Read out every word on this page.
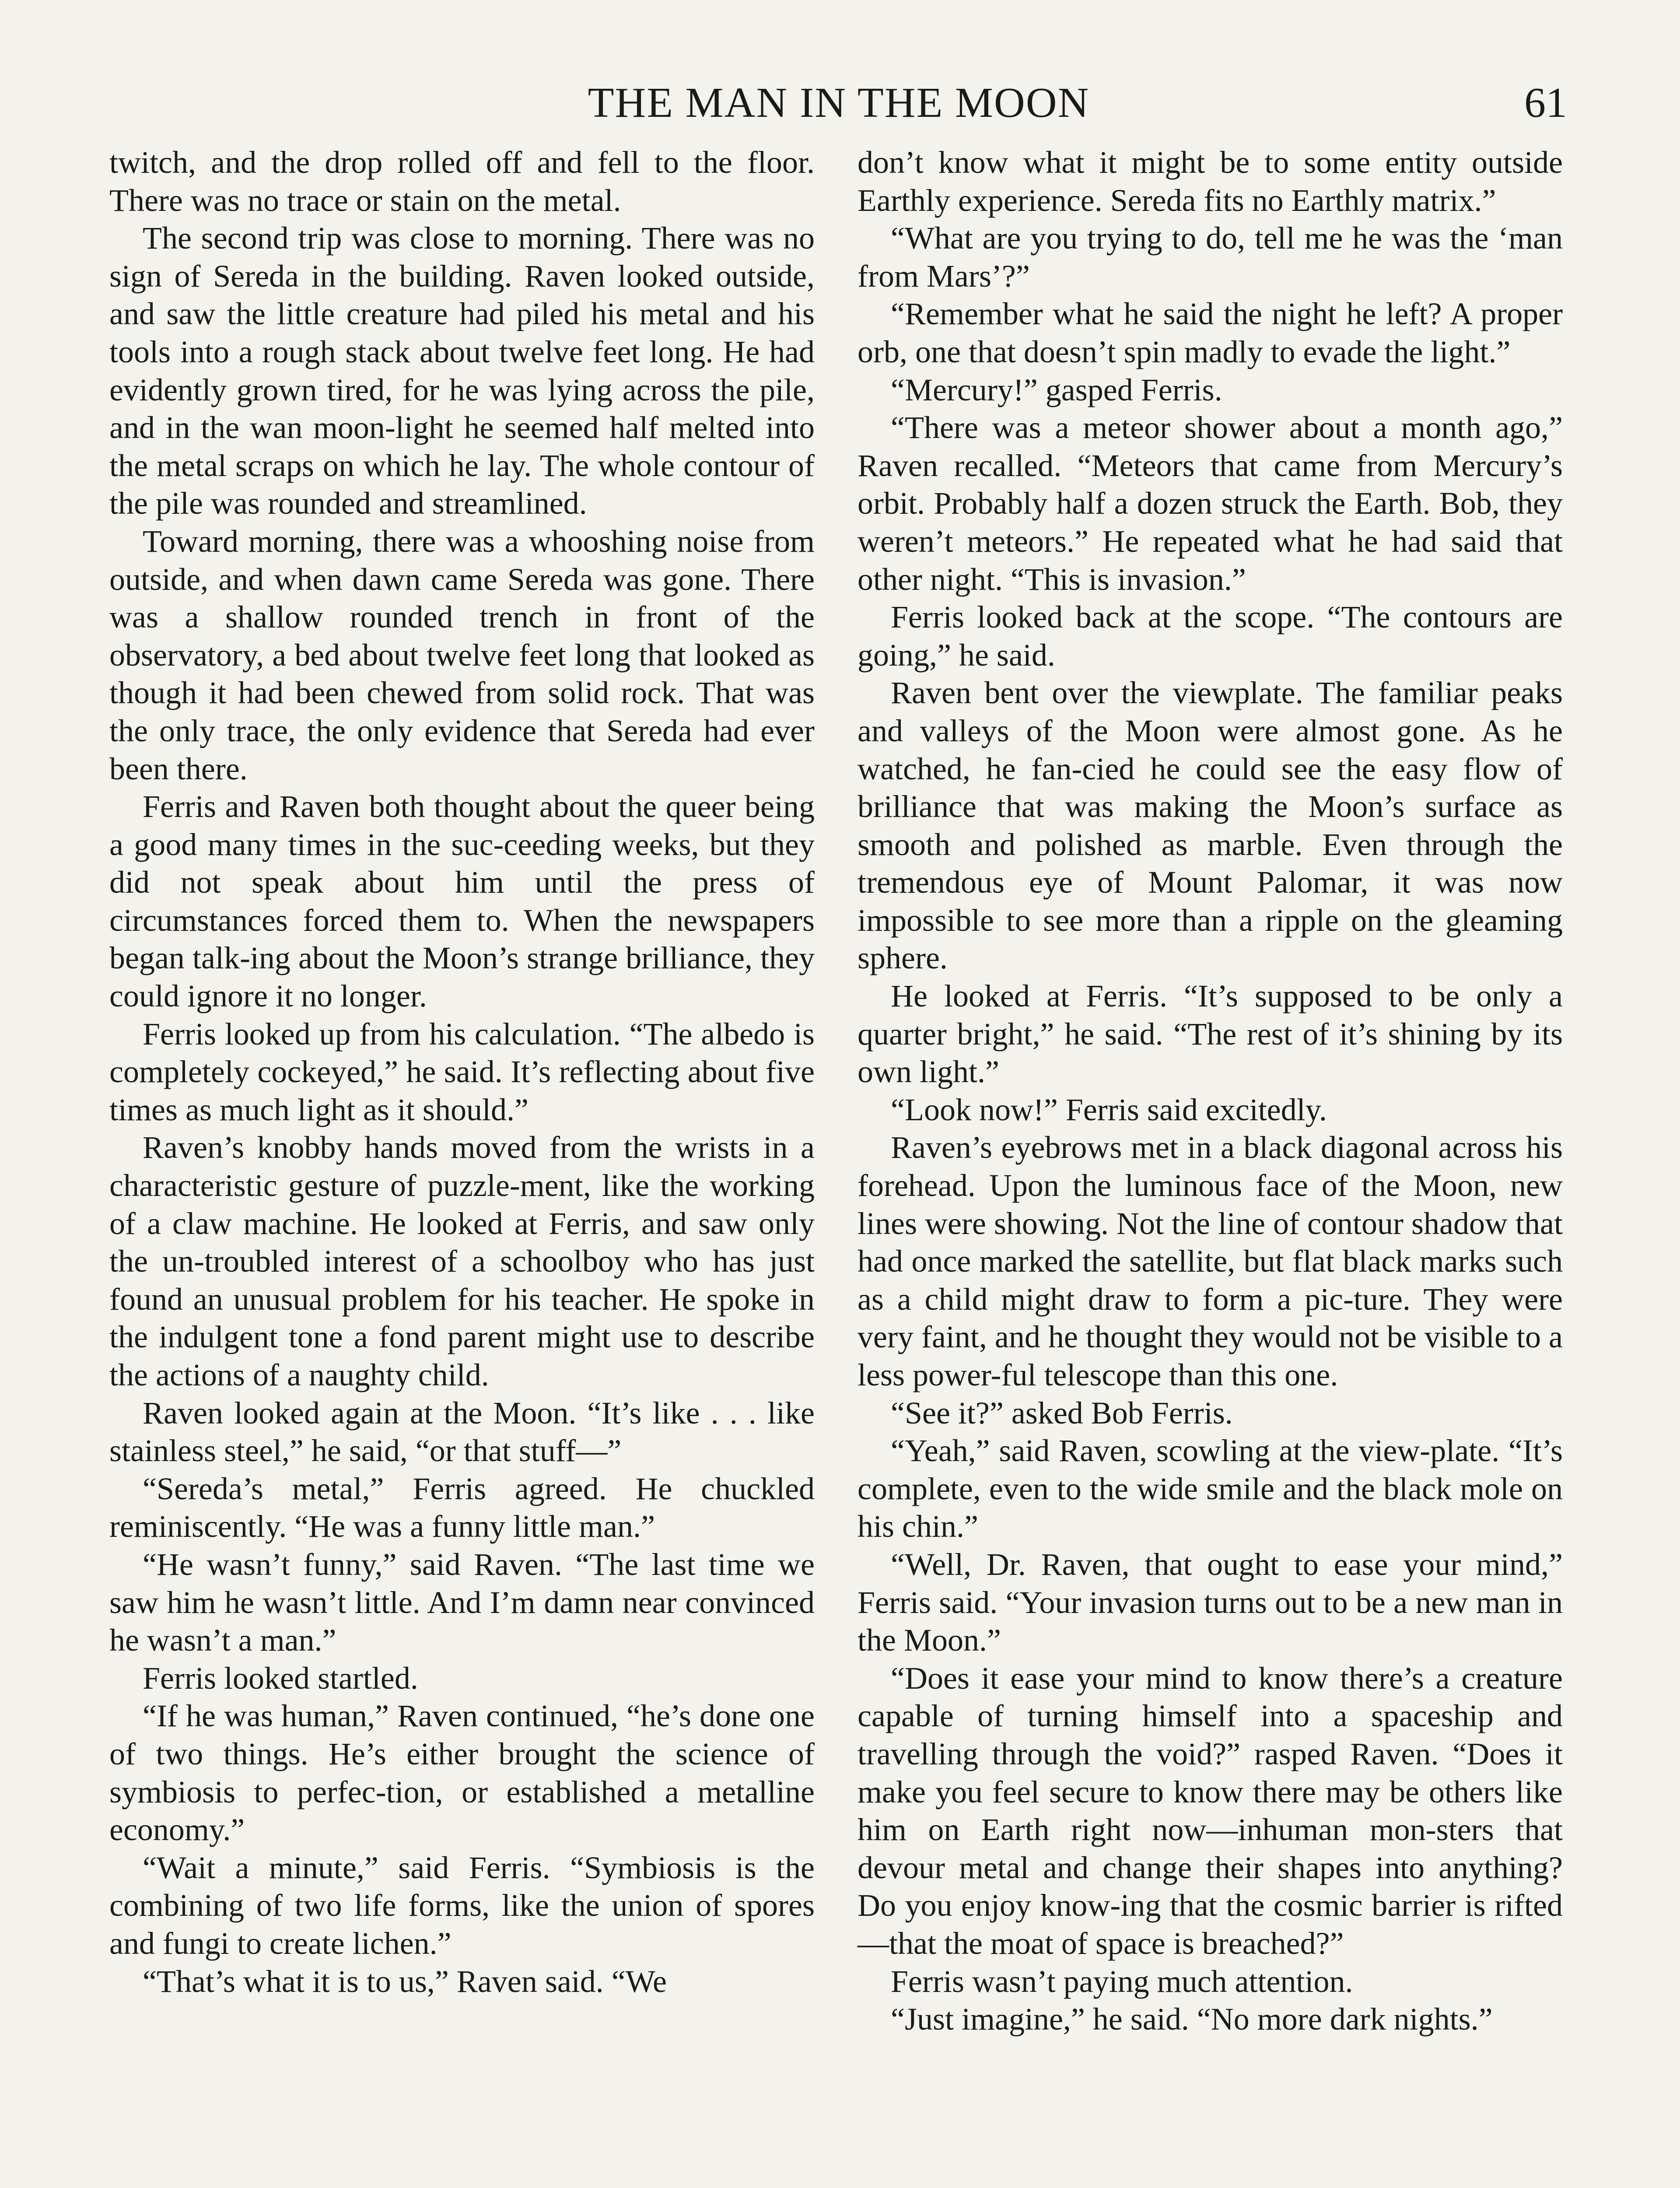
THE MAN IN THE MOON	61

twitch, and the drop rolled off and fell to the floor. There was no trace or stain on the metal.

The second trip was close to morning. There was no sign of Sereda in the building. Raven looked outside, and saw the little creature had piled his metal and his tools into a rough stack about twelve feet long. He had evidently grown tired, for he was lying across the pile, and in the wan moon-light he seemed half melted into the metal scraps on which he lay. The whole contour of the pile was rounded and streamlined.

Toward morning, there was a whooshing noise from outside, and when dawn came Sereda was gone. There was a shallow rounded trench in front of the observatory, a bed about twelve feet long that looked as though it had been chewed from solid rock. That was the only trace, the only evidence that Sereda had ever been there.

Ferris and Raven both thought about the queer being a good many times in the suc-ceeding weeks, but they did not speak about him until the press of circumstances forced them to. When the newspapers began talk-ing about the Moon’s strange brilliance, they could ignore it no longer.

Ferris looked up from his calculation. “The albedo is completely cockeyed,” he said. It’s reflecting about five times as much light as it should.”

Raven’s knobby hands moved from the wrists in a characteristic gesture of puzzle-ment, like the working of a claw machine. He looked at Ferris, and saw only the un-troubled interest of a schoolboy who has just found an unusual problem for his teacher. He spoke in the indulgent tone a fond parent might use to describe the actions of a naughty child.

Raven looked again at the Moon. “It’s like . . . like stainless steel,” he said, “or that stuff—”

“Sereda’s metal,” Ferris agreed. He chuckled reminiscently. “He was a funny little man.”

“He wasn’t funny,” said Raven. “The last time we saw him he wasn’t little. And I’m damn near convinced he wasn’t a man.”

Ferris looked startled.

“If he was human,” Raven continued, “he’s done one of two things. He’s either brought the science of symbiosis to perfec-tion, or established a metalline economy.”

“Wait a minute,” said Ferris. “Symbiosis is the combining of two life forms, like the union of spores and fungi to create lichen.”

“That’s what it is to us,” Raven said. “We

don’t know what it might be to some entity outside Earthly experience. Sereda fits no Earthly matrix.”

“What are you trying to do, tell me he was the ‘man from Mars’?”

“Remember what he said the night he left? A proper orb, one that doesn’t spin madly to evade the light.”

“Mercury!” gasped Ferris.

“There was a meteor shower about a month ago,” Raven recalled. “Meteors that came from Mercury’s orbit. Probably half a dozen struck the Earth. Bob, they weren’t meteors.” He repeated what he had said that other night. “This is invasion.”

Ferris looked back at the scope. “The contours are going,” he said.

Raven bent over the viewplate. The familiar peaks and valleys of the Moon were almost gone. As he watched, he fan-cied he could see the easy flow of brilliance that was making the Moon’s surface as smooth and polished as marble. Even through the tremendous eye of Mount Palomar, it was now impossible to see more than a ripple on the gleaming sphere.

He looked at Ferris. “It’s supposed to be only a quarter bright,” he said. “The rest of it’s shining by its own light.”

“Look now!” Ferris said excitedly.

Raven’s eyebrows met in a black diagonal across his forehead. Upon the luminous face of the Moon, new lines were showing. Not the line of contour shadow that had once marked the satellite, but flat black marks such as a child might draw to form a pic-ture. They were very faint, and he thought they would not be visible to a less power-ful telescope than this one.

“See it?” asked Bob Ferris.

“Yeah,” said Raven, scowling at the view-plate. “It’s complete, even to the wide smile and the black mole on his chin.”

“Well, Dr. Raven, that ought to ease your mind,” Ferris said. “Your invasion turns out to be a new man in the Moon.”

“Does it ease your mind to know there’s a creature capable of turning himself into a spaceship and travelling through the void?” rasped Raven. “Does it make you feel secure to know there may be others like him on Earth right now—inhuman mon-sters that devour metal and change their shapes into anything? Do you enjoy know-ing that the cosmic barrier is rifted—that the moat of space is breached?”

Ferris wasn’t paying much attention.

“Just imagine,” he said. “No more dark nights.”
